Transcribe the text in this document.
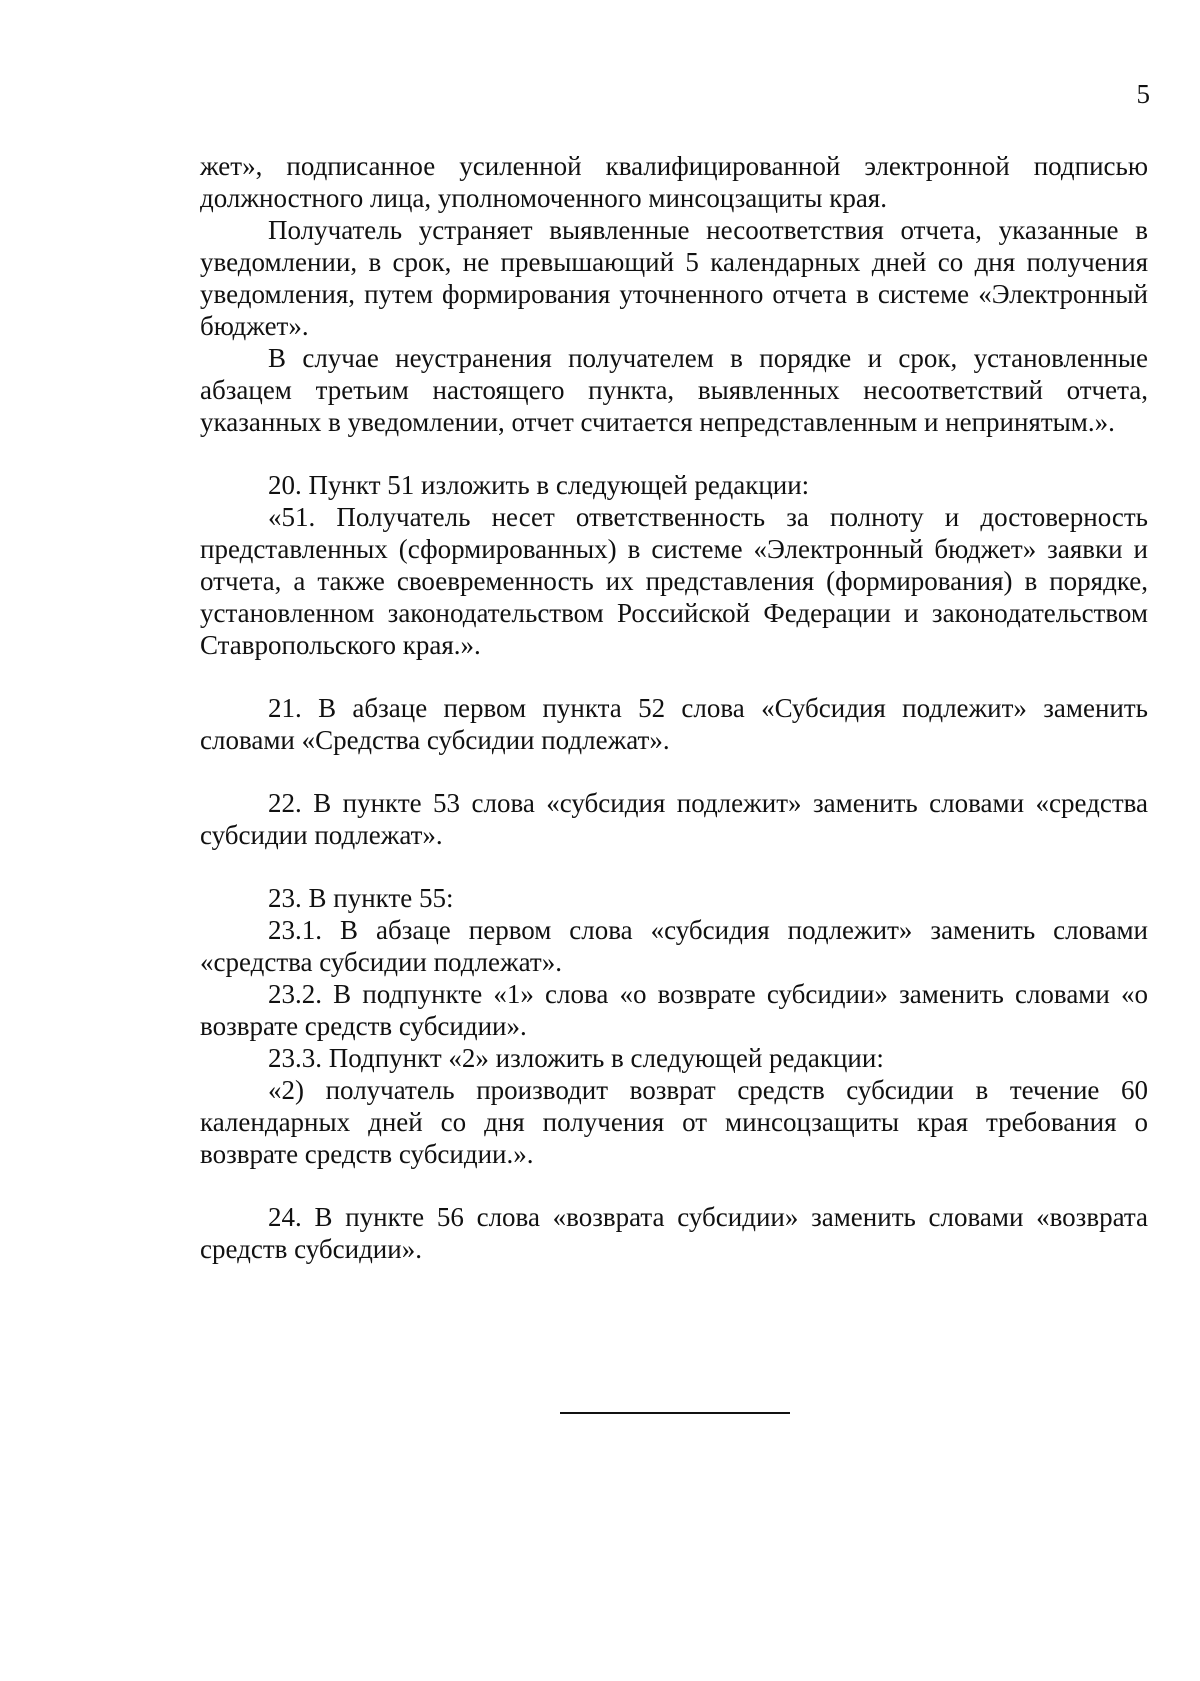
5

жет», подписанное усиленной квалифицированной электронной подписью должностного лица, уполномоченного минсоцзащиты края.

Получатель устраняет выявленные несоответствия отчета, указанные в уведомлении, в срок, не превышающий 5 календарных дней со дня получения уведомления, путем формирования уточненного отчета в системе «Электронный бюджет».

В случае неустранения получателем в порядке и срок, установленные абзацем третьим настоящего пункта, выявленных несоответствий отчета, указанных в уведомлении, отчет считается непредставленным и непринятым.».

20. Пункт 51 изложить в следующей редакции:

«51. Получатель несет ответственность за полноту и достоверность представленных (сформированных) в системе «Электронный бюджет» заявки и отчета, а также своевременность их представления (формирования) в порядке, установленном законодательством Российской Федерации и законодательством Ставропольского края.».

21. В абзаце первом пункта 52 слова «Субсидия подлежит» заменить словами «Средства субсидии подлежат».

22. В пункте 53 слова «субсидия подлежит» заменить словами «средства субсидии подлежат».

23. В пункте 55:

23.1. В абзаце первом слова «субсидия подлежит» заменить словами «средства субсидии подлежат».

23.2. В подпункте «1» слова «о возврате субсидии» заменить словами «о возврате средств субсидии».

23.3. Подпункт «2» изложить в следующей редакции:

«2) получатель производит возврат средств субсидии в течение 60 календарных дней со дня получения от минсоцзащиты края требования о возврате средств субсидии.».

24. В пункте 56 слова «возврата субсидии» заменить словами «возврата средств субсидии».
